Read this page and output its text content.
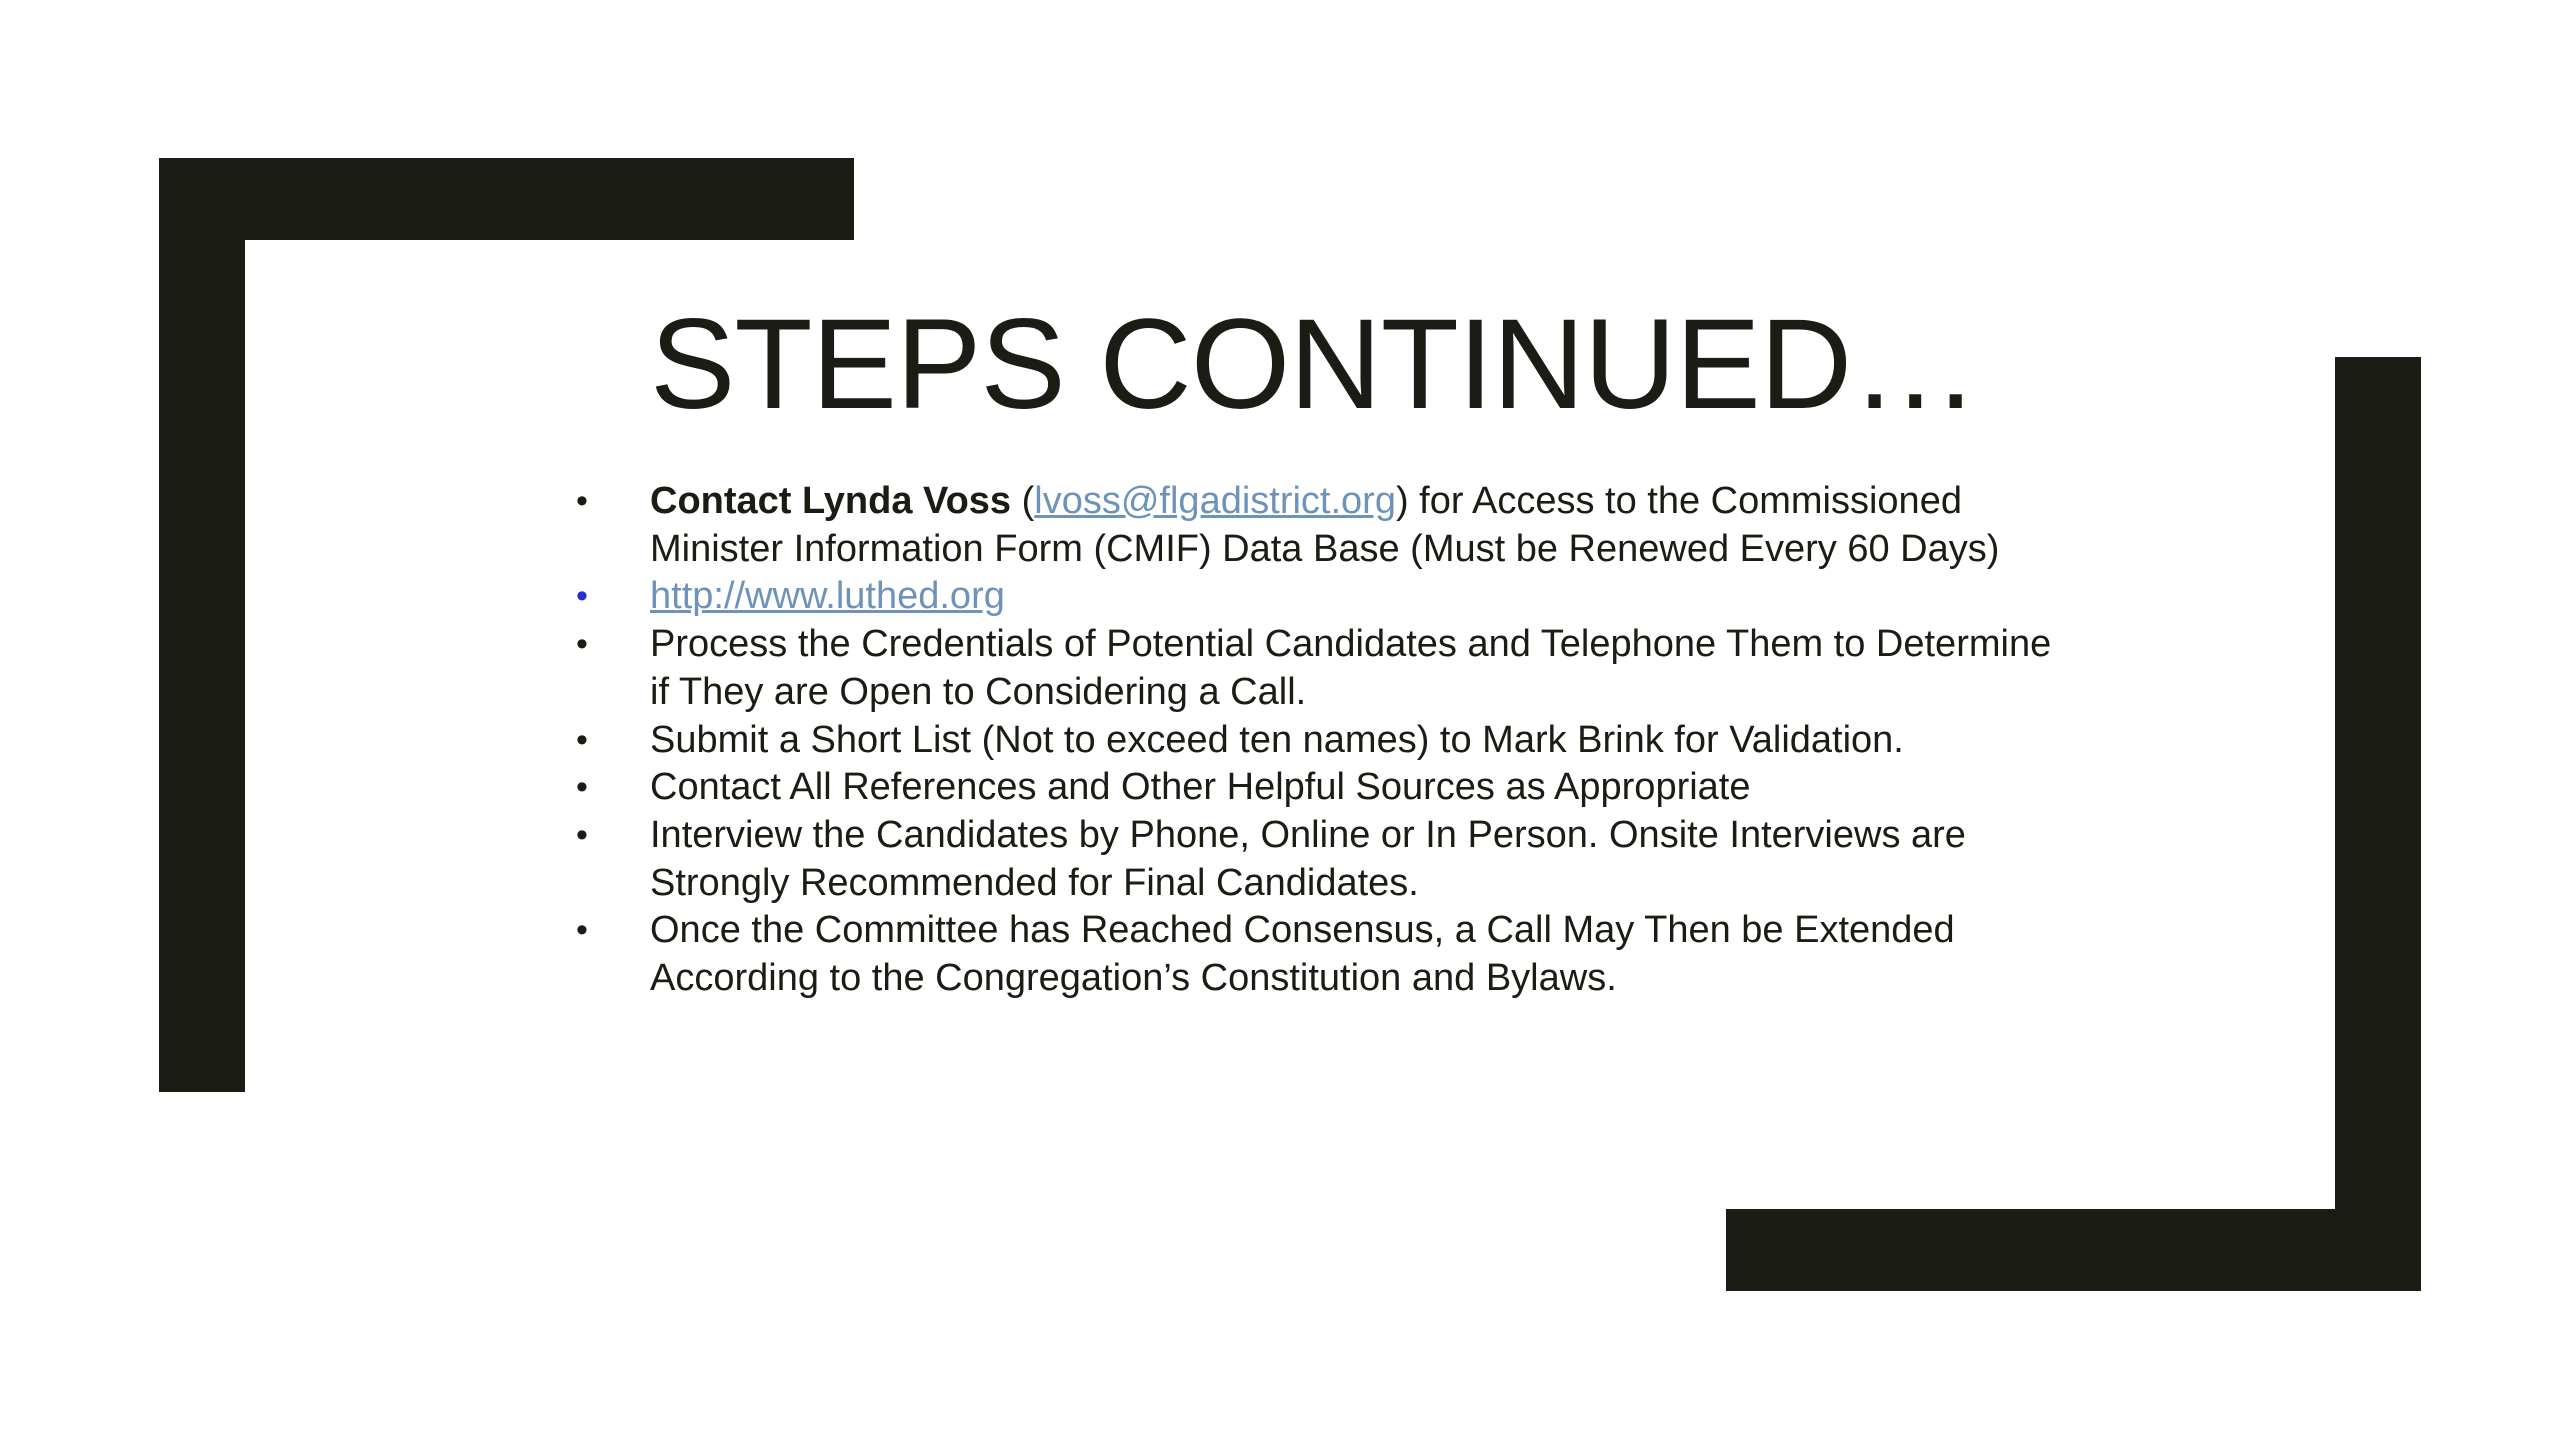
STEPS CONTINUED…
•	Contact Lynda Voss (lvoss@flgadistrict.org) for Access to the Commissioned Minister Information Form (CMIF) Data Base (Must be Renewed Every 60 Days)
•	http://www.luthed.org
•	Process the Credentials of Potential Candidates and Telephone Them to Determine if They are Open to Considering a Call.
•	Submit a Short List (Not to exceed ten names) to Mark Brink for Validation.
•	Contact All References and Other Helpful Sources as Appropriate
•	Interview the Candidates by Phone, Online or In Person. Onsite Interviews are Strongly Recommended for Final Candidates.
•	Once the Committee has Reached Consensus, a Call May Then be Extended According to the Congregation’s Constitution and Bylaws.
